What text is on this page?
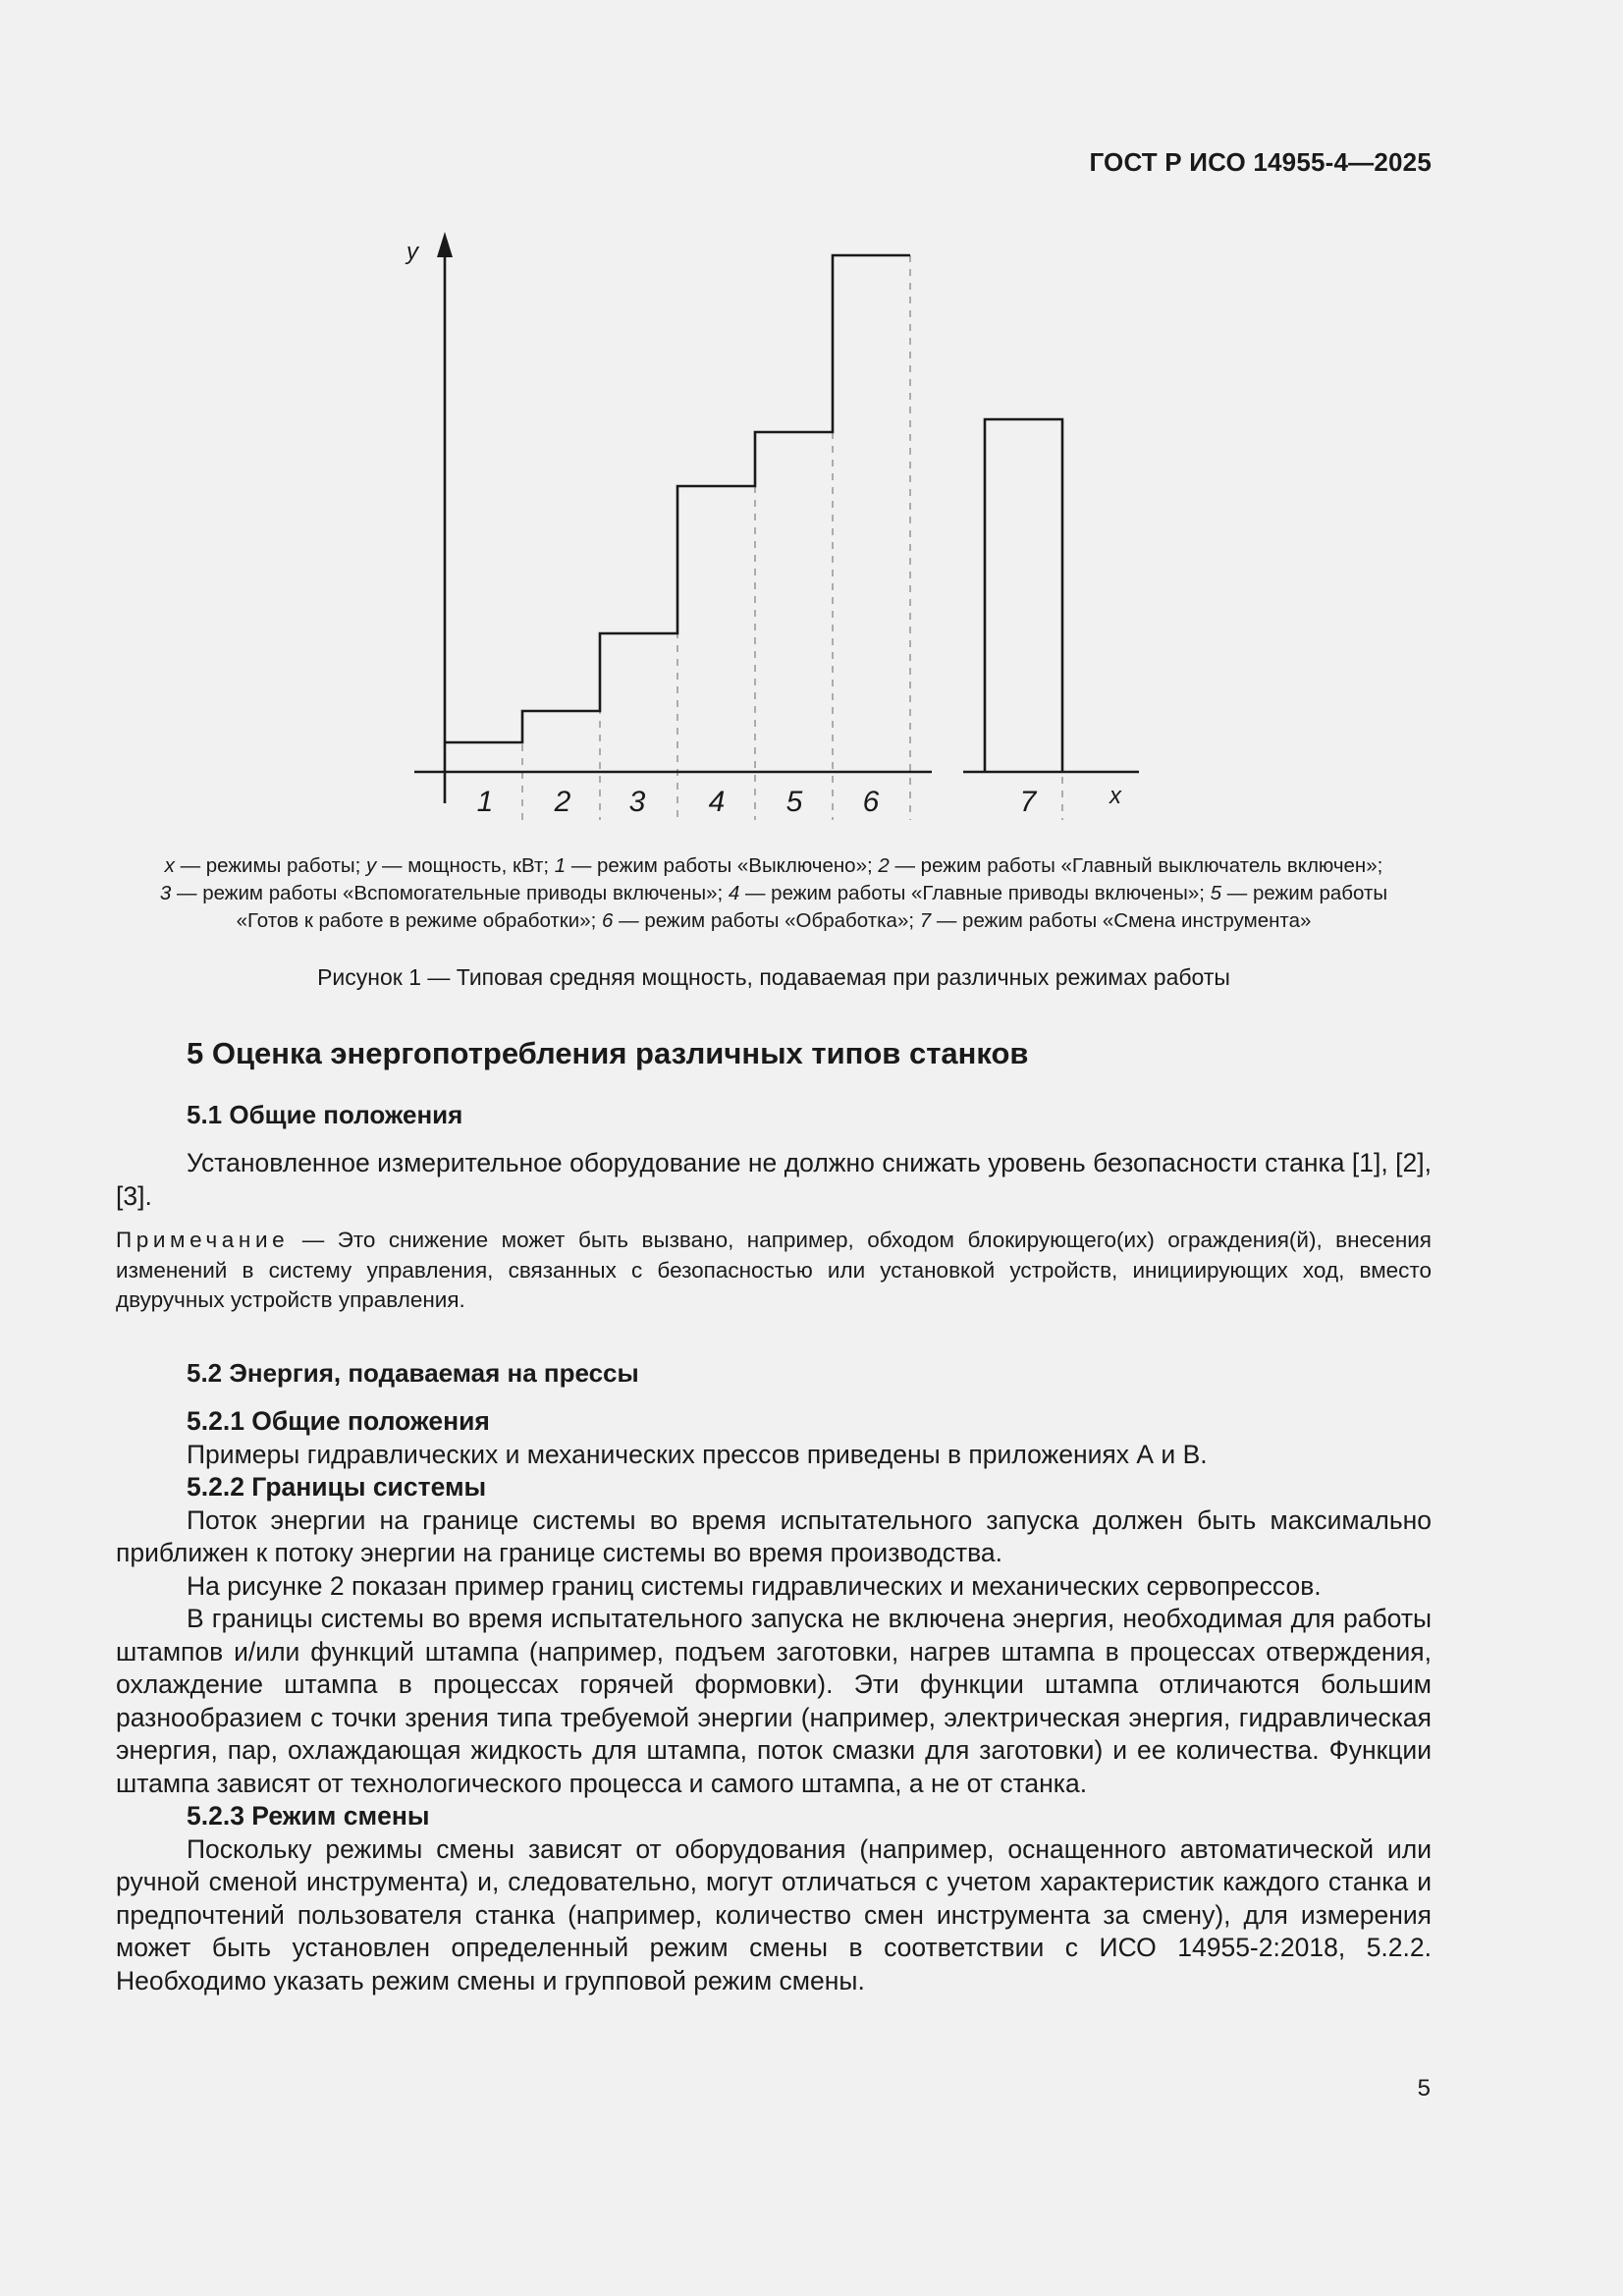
ГОСТ Р ИСО 14955-4—2025
y
x
1 2 3 4 5 6	7
x — режимы работы; y — мощность, кВт; 1 — режим работы «Выключено»; 2 — режим работы «Главный выключатель включен»;
3 — режим работы «Вспомогательные приводы включены»; 4 — режим работы «Главные приводы включены»; 5 — режим работы
«Готов к работе в режиме обработки»; 6 — режим работы «Обработка»; 7 — режим работы «Смена инструмента»
Рисунок 1 — Типовая средняя мощность, подаваемая при различных режимах работы
5 Оценка энергопотребления различных типов станков
5.1 Общие положения

Установленное измерительное оборудование не должно снижать уровень безопасности станка [1], [2], [3].

Примечание — Это снижение может быть вызвано, например, обходом блокирующего(их) ограждения(й), внесения изменений в систему управления, связанных с безопасностью или установкой устройств, инициирующих ход, вместо двуручных устройств управления.

5.2 Энергия, подаваемая на прессы

5.2.1 Общие положения

Примеры гидравлических и механических прессов приведены в приложениях А и В.

5.2.2 Границы системы

Поток энергии на границе системы во время испытательного запуска должен быть максимально приближен к потоку энергии на границе системы во время производства.

На рисунке 2 показан пример границ системы гидравлических и механических сервопрессов.

В границы системы во время испытательного запуска не включена энергия, необходимая для работы штампов и/или функций штампа (например, подъем заготовки, нагрев штампа в процессах отверждения, охлаждение штампа в процессах горячей формовки). Эти функции штампа отличаются большим разнообразием с точки зрения типа требуемой энергии (например, электрическая энергия, гидравлическая энергия, пар, охлаждающая жидкость для штампа, поток смазки для заготовки) и ее количества. Функции штампа зависят от технологического процесса и самого штампа, а не от станка.

5.2.3 Режим смены

Поскольку режимы смены зависят от оборудования (например, оснащенного автоматической или ручной сменой инструмента) и, следовательно, могут отличаться с учетом характеристик каждого станка и предпочтений пользователя станка (например, количество смен инструмента за смену), для измерения может быть установлен определенный режим смены в соответствии с ИСО 14955-2:2018, 5.2.2. Необходимо указать режим смены и групповой режим смены.

5
